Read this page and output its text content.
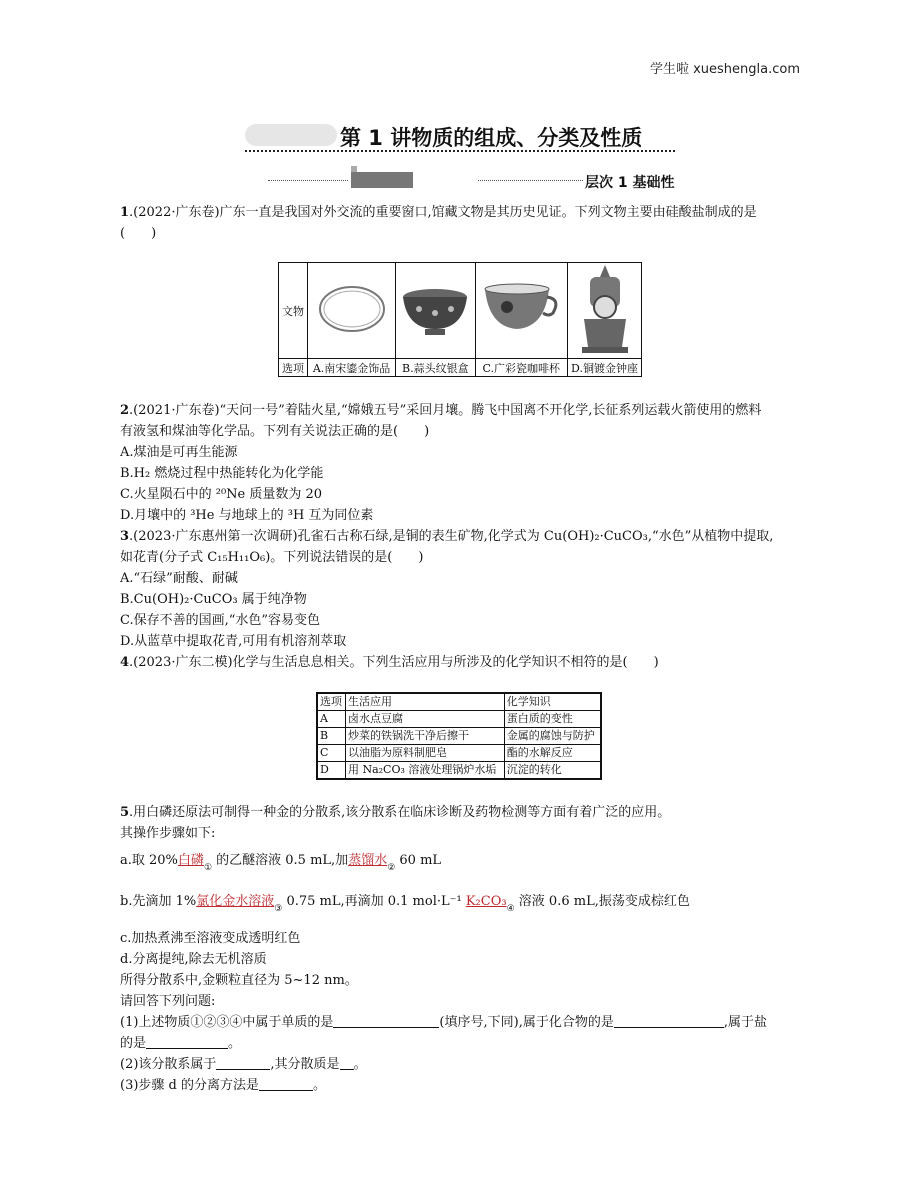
学生啦 xueshengla.com
第 1 讲物质的组成、分类及性质
层次 1 基础性
1.(2022·广东卷)广东一直是我国对外交流的重要窗口,馆藏文物是其历史见证。下列文物主要由硅酸盐制成的是
(　　)
文物				
选项	A.南宋鎏金饰品	B.蒜头纹银盒	C.广彩瓷咖啡杯	D.铜镀金钟座
2.(2021·广东卷)“天问一号”着陆火星,“嫦娥五号”采回月壤。腾飞中国离不开化学,长征系列运载火箭使用的燃料
有液氢和煤油等化学品。下列有关说法正确的是(　　)
A.煤油是可再生能源
B.H₂ 燃烧过程中热能转化为化学能
C.火星陨石中的 ²⁰Ne 质量数为 20
D.月壤中的 ³He 与地球上的 ³H 互为同位素
3.(2023·广东惠州第一次调研)孔雀石古称石绿,是铜的表生矿物,化学式为 Cu(OH)₂·CuCO₃,“水色”从植物中提取,
如花青(分子式 C₁₅H₁₁O₆)。下列说法错误的是(　　)
A.“石绿”耐酸、耐碱
B.Cu(OH)₂·CuCO₃ 属于纯净物
C.保存不善的国画,“水色”容易变色
D.从蓝草中提取花青,可用有机溶剂萃取
4.(2023·广东二模)化学与生活息息相关。下列生活应用与所涉及的化学知识不相符的是(　　)
选项	生活应用	化学知识
A	卤水点豆腐	蛋白质的变性
B	炒菜的铁锅洗干净后擦干	金属的腐蚀与防护
C	以油脂为原料制肥皂	酯的水解反应
D	用 Na₂CO₃ 溶液处理锅炉水垢	沉淀的转化
5.用白磷还原法可制得一种金的分散系,该分散系在临床诊断及药物检测等方面有着广泛的应用。
其操作步骤如下:
a.取 20%白磷$_①$ 的乙醚溶液 0.5 mL,加蒸馏水$_②$ 60 mL
b.先滴加 1%氯化金水溶液$_③$ 0.75 mL,再滴加 0.1 mol·L⁻¹ $K_2CO_3_④$ 溶液 0.6 mL,振荡变成棕红色
c.加热煮沸至溶液变成透明红色
d.分离提纯,除去无机溶质
所得分散系中,金颗粒直径为 5~12 nm。
请回答下列问题:
(1)上述物质①②③④中属于单质的是	(填序号,下同),属于化合物的是	,属于盐
的是	。
(2)该分散系属于	,其分散质是 。
(3)步骤 d 的分离方法是	。
